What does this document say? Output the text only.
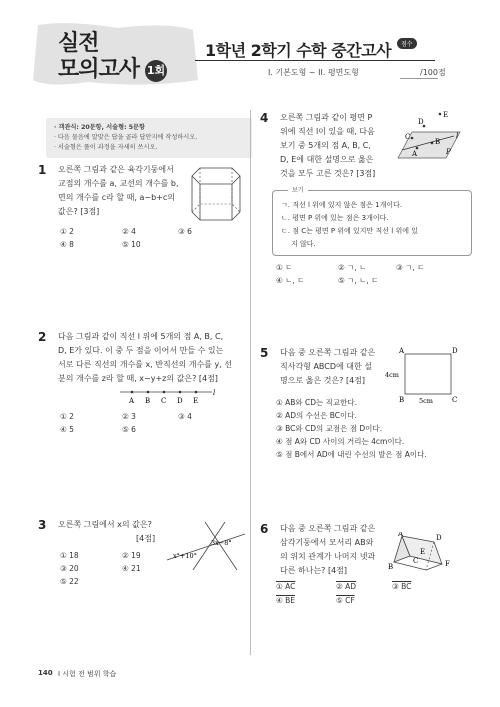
실전
모의고사 1회
1학년 2학기 수학 중간고사
I. 기본도형 ~ II. 평면도형
점수
/100점
· 객관식: 20문항, 서술형: 5문항
· 다음 물음에 알맞은 답을 골라 답안지에 작성하시오.
· 서술형은 풀이 과정을 자세히 쓰시오.
1 오른쪽 그림과 같은 육각기둥에서
교점의 개수를 a, 교선의 개수를 b,
면의 개수를 c라 할 때, a−b+c의
값은? [3점]
① 2	② 4	③ 6
④ 8	⑤ 10
2 다음 그림과 같이 직선 l 위에 5개의 점 A, B, C,
D, E가 있다. 이 중 두 점을 이어서 만들 수 있는
서로 다른 직선의 개수를 x, 반직선의 개수를 y, 선
분의 개수를 z라 할 때, x−y+z의 값은? [4점]
A B C D E
l
① 2	② 3	③ 4
④ 5	⑤ 6
3 오른쪽 그림에서 x의 값은?
[4점]	3x−8°
x°+10°
① 18	② 19
③ 20	④ 21
⑤ 22
4 오른쪽 그림과 같이 평면 P
위에 직선 l이 있을 때, 다음
보기 중 5개의 점 A, B, C,
D, E에 대한 설명으로 옳은
것을 모두 고른 것은? [3점]
E
D
C
B
A
l
P
ㄱ. 직선 l 위에 있지 않은 점은 1개이다.
ㄴ. 평면 P 위에 있는 점은 3개이다.
ㄷ. 점 C는 평면 P 위에 있지만 직선 l 위에 있
지 않다.
보기
① ㄷ	② ㄱ, ㄴ	③ ㄱ, ㄷ
④ ㄴ, ㄷ	⑤ ㄱ, ㄴ, ㄷ
5 다음 중 오른쪽 그림과 같은
직사각형 ABCD에 대한 설
명으로 옳은 것은? [4점]
A	D
B	C
4cm
5cm
① AB와 CD는 직교한다.
② AD의 수선은 BC이다.
③ BC와 CD의 교점은 점 D이다.
④ 점 A와 CD 사이의 거리는 4cm이다.
⑤ 점 B에서 AD에 내린 수선의 발은 점 A이다.
6 다음 중 오른쪽 그림과 같은
삼각기둥에서 모서리 AB와
의 위치 관계가 나머지 넷과
다른 하나는? [4점]
A	D
E
B
C	F
① AC	② AD	③ BC
④ BE	⑤ CF
140 I 시험 전 범위 학습
